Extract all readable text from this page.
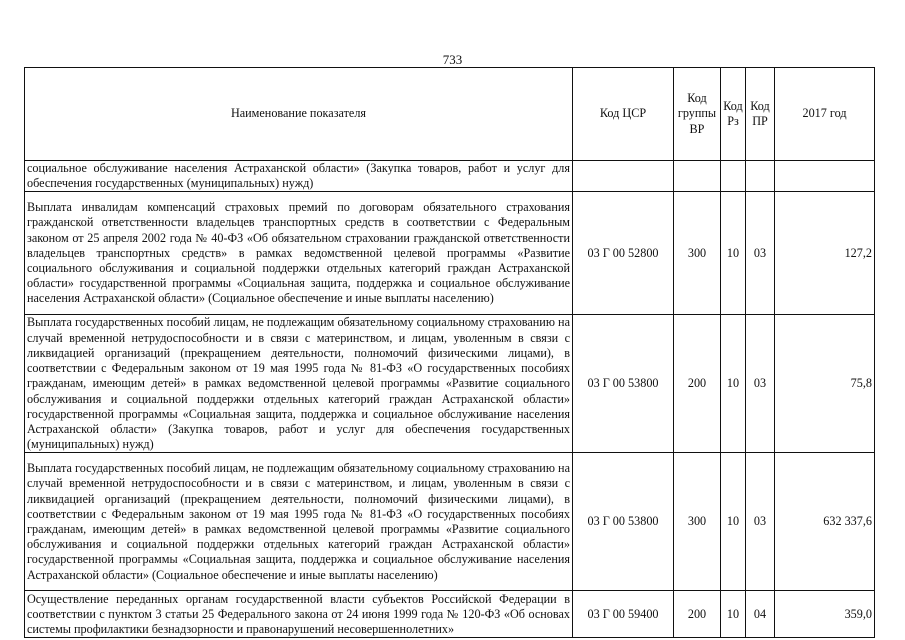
733
Наименование показателя	Код ЦСР	Код группы ВР	Код Рз	Код ПР	2017 год
социальное обслуживание населения Астраханской области» (Закупка товаров, работ и услуг для обеспечения государственных (муниципальных) нужд)					
Выплата инвалидам компенсаций страховых премий по договорам обязательного страхования гражданской ответственности владельцев транспортных средств в соответствии с Федеральным законом от 25 апреля 2002 года № 40-ФЗ «Об обязательном страховании гражданской ответственности владельцев транспортных средств» в рамках ведомственной целевой программы «Развитие социального обслуживания и социальной поддержки отдельных категорий граждан Астраханской области» государственной программы «Социальная защита, поддержка и социальное обслуживание населения Астраханской области» (Социальное обеспечение и иные выплаты населению)	03 Г 00 52800	300	10	03	127,2
Выплата государственных пособий лицам, не подлежащим обязательному социальному страхованию на случай временной нетрудоспособности и в связи с материнством, и лицам, уволенным в связи с ликвидацией организаций (прекращением деятельности, полномочий физическими лицами), в соответствии с Федеральным законом от 19 мая 1995 года № 81-ФЗ «О государственных пособиях гражданам, имеющим детей» в рамках ведомственной целевой программы «Развитие социального обслуживания и социальной поддержки отдельных категорий граждан Астраханской области» государственной программы «Социальная защита, поддержка и социальное обслуживание населения Астраханской области» (Закупка товаров, работ и услуг для обеспечения государственных (муниципальных) нужд)	03 Г 00 53800	200	10	03	75,8
Выплата государственных пособий лицам, не подлежащим обязательному социальному страхованию на случай временной нетрудоспособности и в связи с материнством, и лицам, уволенным в связи с ликвидацией организаций (прекращением деятельности, полномочий физическими лицами), в соответствии с Федеральным законом от 19 мая 1995 года № 81-ФЗ «О государственных пособиях гражданам, имеющим детей» в рамках ведомственной целевой программы «Развитие социального обслуживания и социальной поддержки отдельных категорий граждан Астраханской области» государственной программы «Социальная защита, поддержка и социальное обслуживание населения Астраханской области» (Социальное обеспечение и иные выплаты населению)	03 Г 00 53800	300	10	03	632 337,6
Осуществление переданных органам государственной власти субъектов Российской Федерации в соответствии с пунктом 3 статьи 25 Федерального закона от 24 июня 1999 года № 120-ФЗ «Об основах системы профилактики безнадзорности и правонарушений несовершеннолетних»	03 Г 00 59400	200	10	04	359,0
